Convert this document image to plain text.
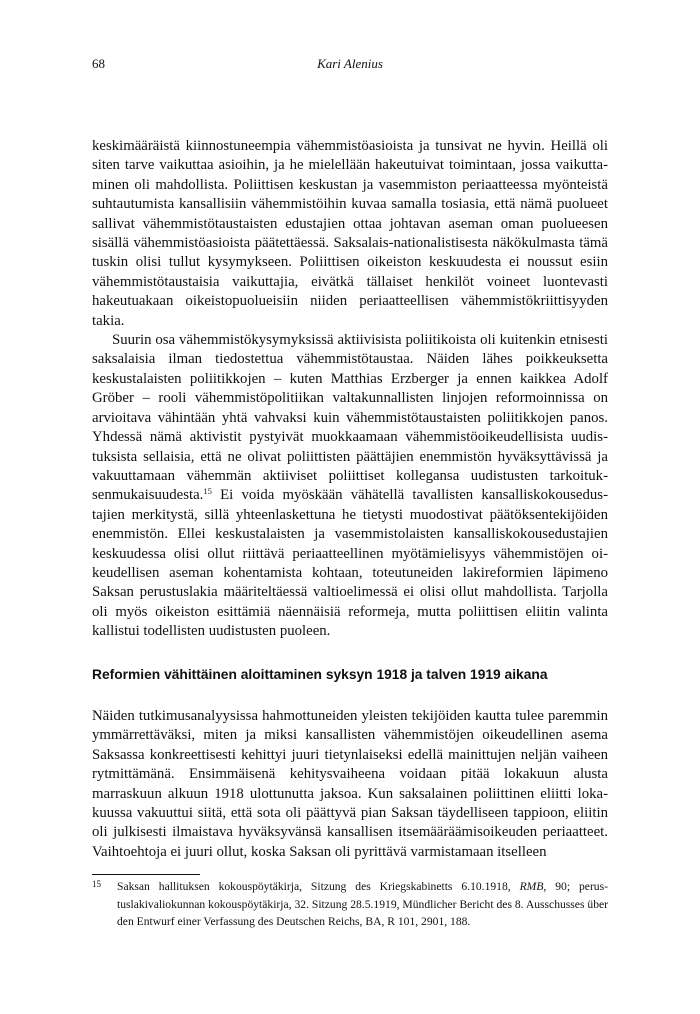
68	Kari Alenius

keskimääräistä kiinnostuneempia vähemmistöasioista ja tunsivat ne hyvin. Heillä oli siten tarve vaikuttaa asioihin, ja he mielellään hakeutuivat toimintaan, jossa vaikuttaminen oli mahdollista. Poliittisen keskustan ja vasemmiston periaatteessa myönteistä suhtautumista kansallisiin vähemmistöihin kuvaa samalla tosiasia, että nämä puolueet sallivat vähemmistötaustaisten edustajien ottaa johtavan aseman oman puolueesen sisällä vähemmistöasioista päätettäessä. Saksalais-nationalistisesta näkökulmasta tämä tuskin olisi tullut kysymykseen. Poliittisen oikeiston keskuudesta ei noussut esiin vähemmistötaustaisia vaikuttajia, eivätkä tällaiset henkilöt voineet luontevasti hakeutuakaan oikeistopuolueisiin niiden periaatteellisen vähemmistökriittisyyden takia.

Suurin osa vähemmistökysymyksissä aktiivisista poliitikoista oli kuitenkin etnisesti saksalaisia ilman tiedostettua vähemmistötaustaa. Näiden lähes poikkeuksetta keskustalaisten poliitikkojen – kuten Matthias Erzberger ja ennen kaikkea Adolf Gröber – rooli vähemmistöpolitiikan valtakunnallisten linjojen reformoinnissa on arvioitava vähintään yhtä vahvaksi kuin vähemmistötaustaisten poliitikkojen panos. Yhdessä nämä aktivistit pystyivät muokkaamaan vähemmistöoikeudellisista uudistuksista sellaisia, että ne olivat poliittisten päättäjien enemmistön hyväksyttävissä ja vakuuttamaan vähemmän aktiiviset poliittiset kollegansa uudistusten tarkoituksenmukaisuudesta.$^{15}$ Ei voida myöskään vähätellä tavallisten kansalliskokousedustajien merkitystä, sillä yhteenlaskettuna he tietysti muodostivat päätöksentekijöiden enemmistön. Ellei keskustalaisten ja vasemmistolaisten kansalliskokousedustajien keskuudessa olisi ollut riittävä periaatteellinen myötämielisyys vähemmistöjen oikeudellisen aseman kohentamista kohtaan, toteutuneiden lakireformien läpimeno Saksan perustuslakia määriteltäessä valtioelimessä ei olisi ollut mahdollista. Tarjolla oli myös oikeiston esittämiä näennäisiä reformeja, mutta poliittisen eliitin valinta kallistui todellisten uudistusten puoleen.

Reformien vähittäinen aloittaminen syksyn 1918 ja talven 1919 aikana

Näiden tutkimusanalyysissa hahmottuneiden yleisten tekijöiden kautta tulee paremmin ymmärrettäväksi, miten ja miksi kansallisten vähemmistöjen oikeudellinen asema Saksassa konkreettisesti kehittyi juuri tietynlaiseksi edellä mainittujen neljän vaiheen rytmittämänä. Ensimmäisenä kehitysvaiheena voidaan pitää lokakuun alusta marraskuun alkuun 1918 ulottunutta jaksoa. Kun saksalainen poliittinen eliitti lokakuussa vakuuttui siitä, että sota oli päättyvä pian Saksan täydelliseen tappioon, eliitin oli julkisesti ilmaistava hyväksyvänsä kansallisen itsemääräämisoikeuden periaatteet. Vaihtoehtoja ei juuri ollut, koska Saksan oli pyrittävä varmistamaan itselleen

15 Saksan hallituksen kokouspöytäkirja, Sitzung des Kriegskabinetts 6.10.1918, RMB, 90; perustuslakivaliokunnan kokouspöytäkirja, 32. Sitzung 28.5.1919, Mündlicher Bericht des 8. Ausschusses über den Entwurf einer Verfassung des Deutschen Reichs, BA, R 101, 2901, 188.
